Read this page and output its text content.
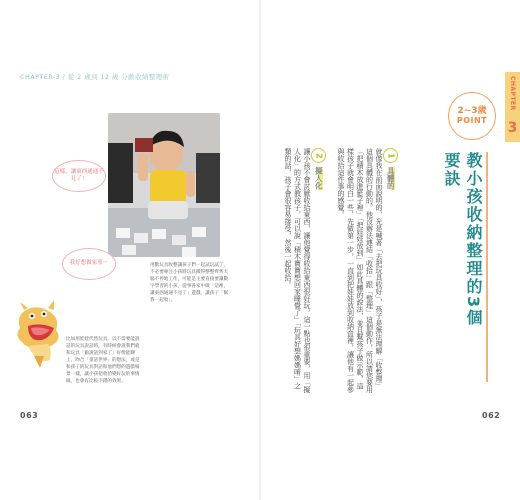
CHAPTER-3 / 從 2 歲到 12 歲 分齡收納整理術
這樣，讓東西通通不見了！
我好想做家事～	用數玩具收整讓孩子們一起試玩試了，不必要專注小孩將玩具搬得整整齊齊大腦不停地工作，可能是主要直接要讓數字學習的小孩，從事各家中做「這裡，讓東西通通不見了」遊戲，讓孩子「幫我一起收」。
比如用娃娃代替玩具，以不需要能說話的玩具說話時，有時候會說我們就和玩具「偷說話到家了」好像能聊上，吻合「童話世界」的想法，或是和孩子的玩具對話和他們想的遊戲場景一樣，讓小孩把收拾變好玩的事情做，也會有比較不錯的效果。
063
1 具體的
就像我在前面說明的，光是喊著「去把玩具收好」，孩子是無法理解「收整理」這個具體的行動的。他沒辦法連結「收拾」跟「整理」這個動作，所以請您要用「把積木放進籃子裡」「把娃娃放到」如此具體的說法，並且幫孩子做示範，這樣孩子就會明白一些，先做第一步，一直到把娃娃放到收納盒裡，讓他有一起參與收拾這件事的感覺。

2 擬人化
讓小孩不會討厭收拾東西，讓他覺得收拾東西很好玩，這一點也很重要，用「擬人化」的方式教孩子，可以說「積木寶寶想回家睡覺了」「玩具好想媽媽唷」之類的話，孩子會很容易接受，然後一起收拾。
2~3歲
POINT
CHAPTER
3
教小孩收納整理的3個要訣
062
